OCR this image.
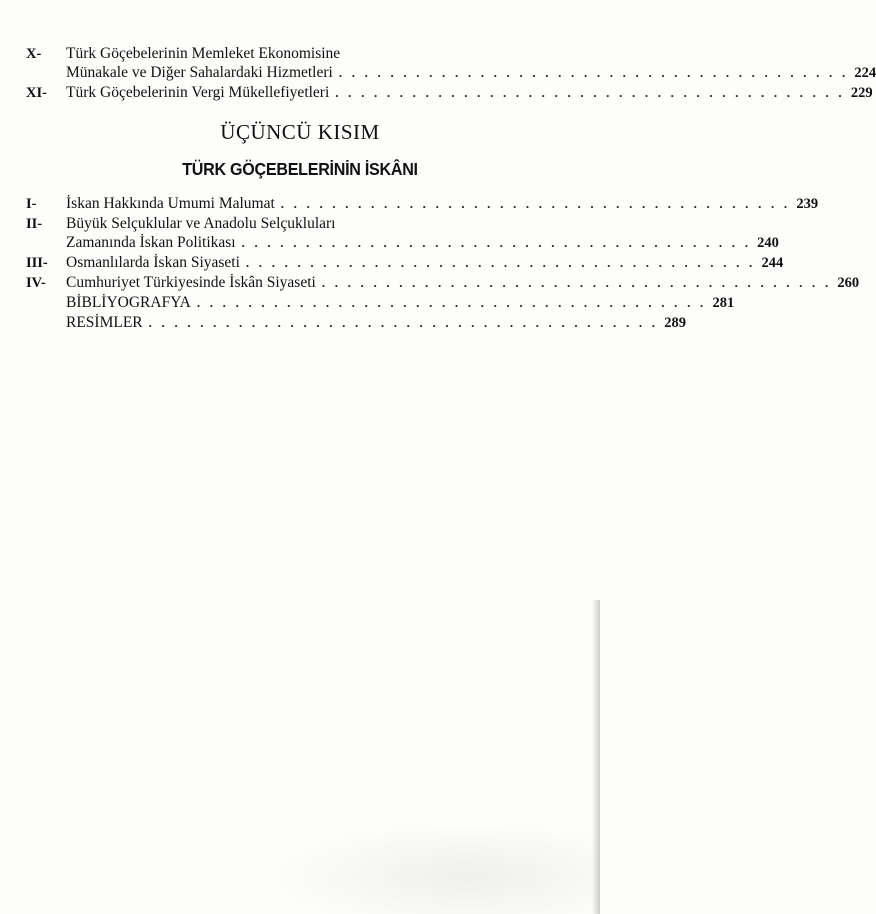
X-	Türk Göçebelerinin Memleket Ekonomisine
Münakale ve Diğer Sahalardaki Hizmetleri . . . . . . . . . . . . . . . . . . . . . . . . . . . . . . . . . . . . . . . . 224
XI-	Türk Göçebelerinin Vergi Mükellefiyetleri . . . . . . . . . . . . . . . . . . . . . . . . . . . . . . . . . . . . . . . . 229
ÜÇÜNCÜ KISIM
TÜRK GÖÇEBELERİNİN İSKÂNI
I-	İskan Hakkında Umumi Malumat . . . . . . . . . . . . . . . . . . . . . . . . . . . . . . . . . . . . . . . . 239
II-	Büyük Selçuklular ve Anadolu Selçukluları
Zamanında İskan Politikası . . . . . . . . . . . . . . . . . . . . . . . . . . . . . . . . . . . . . . . . 240
III-	Osmanlılarda İskan Siyaseti . . . . . . . . . . . . . . . . . . . . . . . . . . . . . . . . . . . . . . . . 244
IV-	Cumhuriyet Türkiyesinde İskân Siyaseti . . . . . . . . . . . . . . . . . . . . . . . . . . . . . . . . . . . . . . . . 260
BİBLİYOGRAFYA . . . . . . . . . . . . . . . . . . . . . . . . . . . . . . . . . . . . . . . . 281
RESİMLER . . . . . . . . . . . . . . . . . . . . . . . . . . . . . . . . . . . . . . . . 289
